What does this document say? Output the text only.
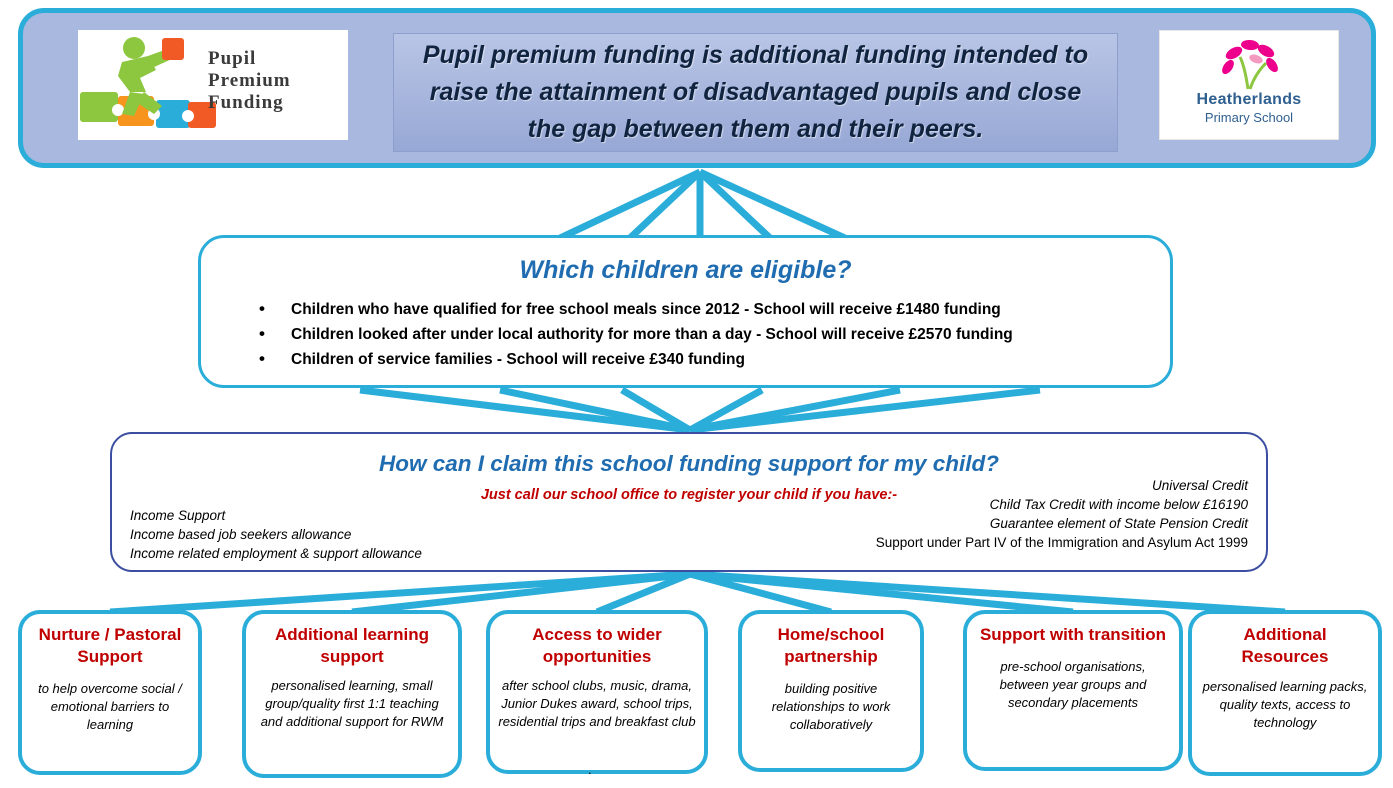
Pupil
Premium
Funding
Pupil premium funding is additional funding intended to raise the attainment of disadvantaged pupils and close the gap between them and their peers.
Heatherlands
Primary School
Which children are eligible?
• Children who have qualified for free school meals since 2012 - School will receive £1480 funding
• Children looked after under local authority for more than a day - School will receive £2570 funding
• Children of service families - School will receive £340 funding
How can I claim this school funding support for my child?
Just call our school office to register your child if you have:-
Income Support
Income based job seekers allowance
Income related employment & support allowance
Universal Credit
Child Tax Credit with income below £16190
Guarantee element of State Pension Credit
Support under Part IV of the Immigration and Asylum Act 1999
Nurture / Pastoral Support
to help overcome social / emotional barriers to learning
Additional learning support
personalised learning, small group/quality first 1:1 teaching and additional support for RWM
Access to wider opportunities
after school clubs, music, drama, Junior Dukes award, school trips, residential trips and breakfast club
Home/school partnership
building positive relationships to work collaboratively
Support with transition
pre-school organisations, between year groups and secondary placements
Additional Resources
personalised learning packs, quality texts, access to technology
.
